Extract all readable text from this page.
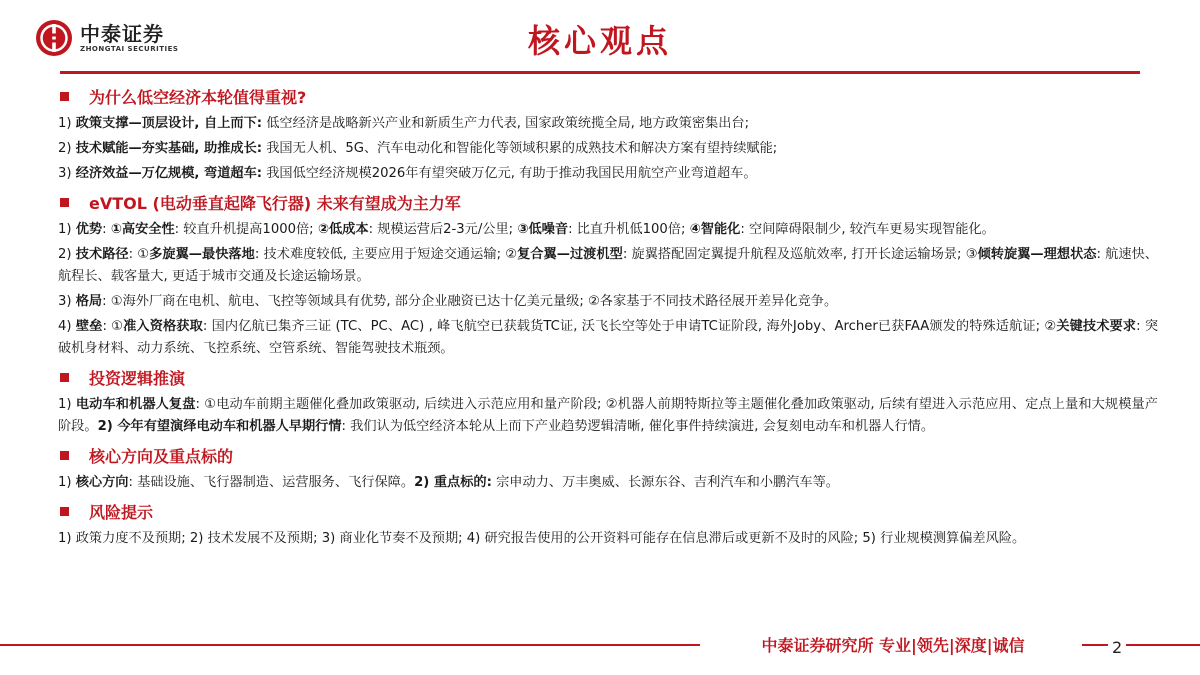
中泰证券
ZHONGTAI SECURITIES	核心观点
为什么低空经济本轮值得重视?
1) 政策支撑—顶层设计, 自上而下: 低空经济是战略新兴产业和新质生产力代表, 国家政策统揽全局, 地方政策密集出台;
2) 技术赋能—夯实基础, 助推成长: 我国无人机、5G、汽车电动化和智能化等领域积累的成熟技术和解决方案有望持续赋能;
3) 经济效益—万亿规模, 弯道超车: 我国低空经济规模2026年有望突破万亿元, 有助于推动我国民用航空产业弯道超车。
eVTOL (电动垂直起降飞行器) 未来有望成为主力军
1) 优势: ①高安全性: 较直升机提高1000倍; ②低成本: 规模运营后2-3元/公里; ③低噪音: 比直升机低100倍; ④智能化: 空间障碍限制少, 较汽车更易实现智能化。
2) 技术路径: ①多旋翼—最快落地: 技术难度较低, 主要应用于短途交通运输; ②复合翼—过渡机型: 旋翼搭配固定翼提升航程及巡航效率, 打开长途运输场景; ③倾转旋翼—理想状态: 航速快、航程长、载客量大, 更适于城市交通及长途运输场景。
3) 格局: ①海外厂商在电机、航电、飞控等领域具有优势, 部分企业融资已达十亿美元量级; ②各家基于不同技术路径展开差异化竞争。
4) 壁垒: ①准入资格获取: 国内亿航已集齐三证 (TC、PC、AC) , 峰飞航空已获载货TC证, 沃飞长空等处于申请TC证阶段, 海外Joby、Archer已获FAA颁发的特殊适航证; ②关键技术要求: 突破机身材料、动力系统、飞控系统、空管系统、智能驾驶技术瓶颈。
投资逻辑推演
1) 电动车和机器人复盘: ①电动车前期主题催化叠加政策驱动, 后续进入示范应用和量产阶段; ②机器人前期特斯拉等主题催化叠加政策驱动, 后续有望进入示范应用、定点上量和大规模量产阶段。2) 今年有望演绎电动车和机器人早期行情: 我们认为低空经济本轮从上而下产业趋势逻辑清晰, 催化事件持续演进, 会复刻电动车和机器人行情。
核心方向及重点标的
1) 核心方向: 基础设施、飞行器制造、运营服务、飞行保障。2) 重点标的: 宗申动力、万丰奥威、长源东谷、吉利汽车和小鹏汽车等。
风险提示
1) 政策力度不及预期; 2) 技术发展不及预期; 3) 商业化节奏不及预期; 4) 研究报告使用的公开资料可能存在信息滞后或更新不及时的风险; 5) 行业规模测算偏差风险。
中泰证券研究所 专业|领先|深度|诚信	2
